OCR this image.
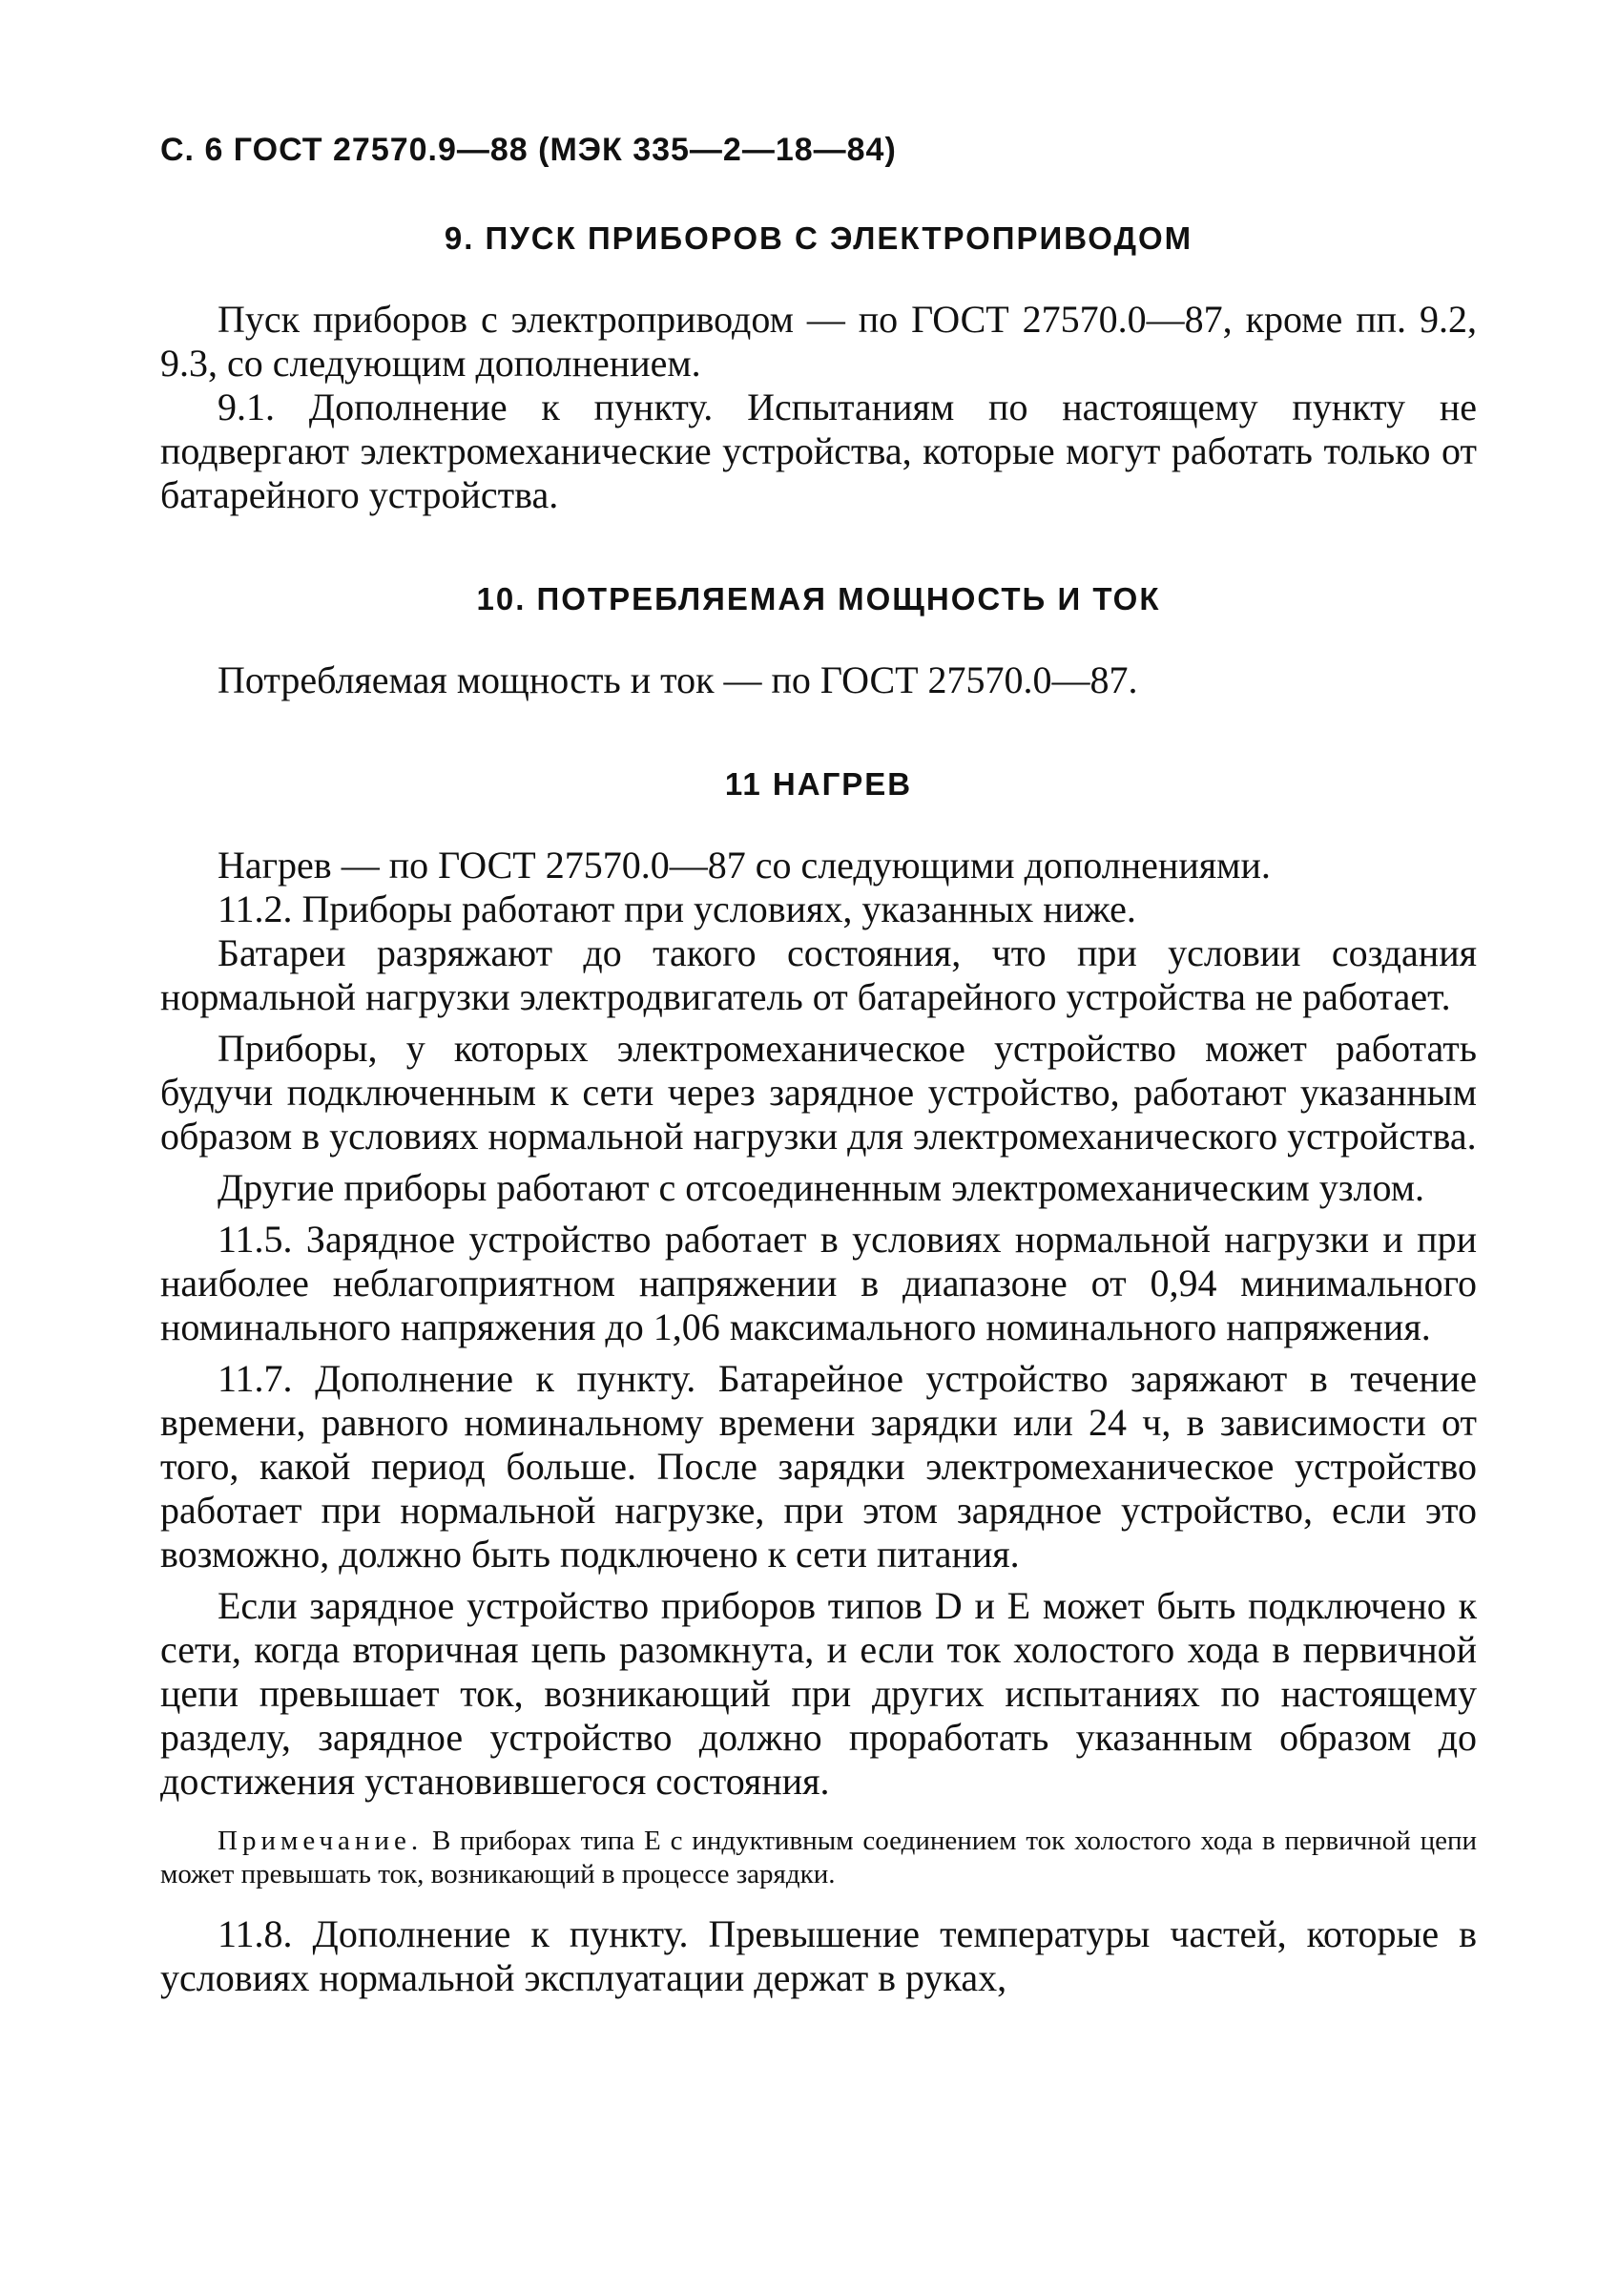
С. 6 ГОСТ 27570.9—88 (МЭК 335—2—18—84)
9. ПУСК ПРИБОРОВ С ЭЛЕКТРОПРИВОДОМ

Пуск приборов с электроприводом — по ГОСТ 27570.0—87, кроме пп. 9.2, 9.3, со следующим дополнением.

9.1. Дополнение к пункту. Испытаниям по настоящему пункту не подвергают электромеханические устройства, которые могут работать только от батарейного устройства.

10. ПОТРЕБЛЯЕМАЯ МОЩНОСТЬ И ТОК

Потребляемая мощность и ток — по ГОСТ 27570.0—87.

11 НАГРЕВ

Нагрев — по ГОСТ 27570.0—87 со следующими дополнениями.

11.2. Приборы работают при условиях, указанных ниже.

Батареи разряжают до такого состояния, что при условии создания нормальной нагрузки электродвигатель от батарейного устройства не работает.

Приборы, у которых электромеханическое устройство может работать будучи подключенным к сети через зарядное устройство, работают указанным образом в условиях нормальной нагрузки для электромеханического устройства.

Другие приборы работают с отсоединенным электромеханическим узлом.

11.5. Зарядное устройство работает в условиях нормальной нагрузки и при наиболее неблагоприятном напряжении в диапазоне от 0,94 минимального номинального напряжения до 1,06 максимального номинального напряжения.

11.7. Дополнение к пункту. Батарейное устройство заряжают в течение времени, равного номинальному времени зарядки или 24 ч, в зависимости от того, какой период больше. После зарядки электромеханическое устройство работает при нормальной нагрузке, при этом зарядное устройство, если это возможно, должно быть подключено к сети питания.

Если зарядное устройство приборов типов D и E может быть подключено к сети, когда вторичная цепь разомкнута, и если ток холостого хода в первичной цепи превышает ток, возникающий при других испытаниях по настоящему разделу, зарядное устройство должно проработать указанным образом до достижения установившегося состояния.

Примечание. В приборах типа E с индуктивным соединением ток холостого хода в первичной цепи может превышать ток, возникающий в процессе зарядки.

11.8. Дополнение к пункту. Превышение температуры частей, которые в условиях нормальной эксплуатации держат в руках,
